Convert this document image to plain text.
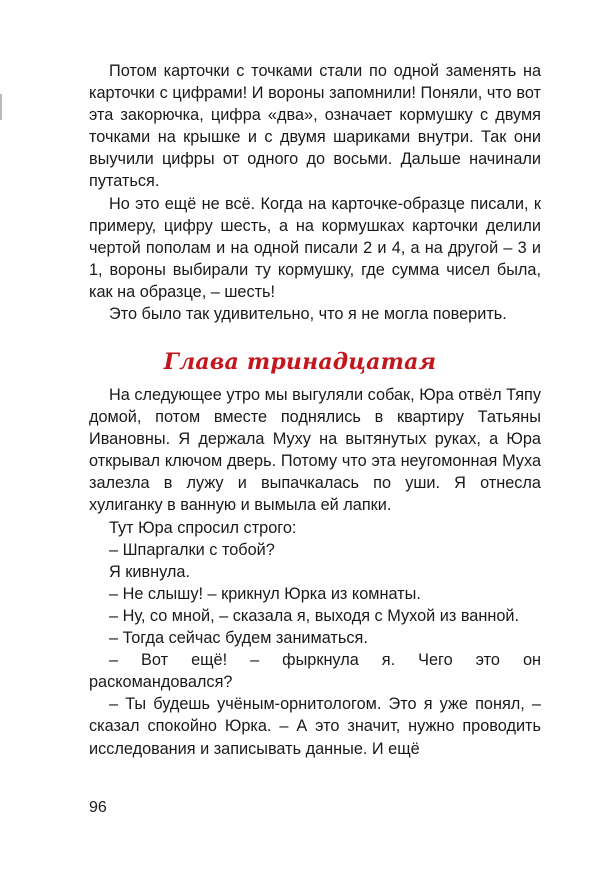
Потом карточки с точками стали по одной заменять на карточки с цифрами! И вороны запомнили! Поняли, что вот эта закорючка, цифра «два», означает кормушку с двумя точками на крышке и с двумя шариками внутри. Так они выучили цифры от одного до восьми. Дальше начинали путаться.

Но это ещё не всё. Когда на карточке-образце писали, к примеру, цифру шесть, а на кормушках карточки делили чертой пополам и на одной писали 2 и 4, а на другой – 3 и 1, вороны выбирали ту кормушку, где сумма чисел была, как на образце, – шесть!

Это было так удивительно, что я не могла поверить.

Глава тринадцатая

На следующее утро мы выгуляли собак, Юра отвёл Тяпу домой, потом вместе поднялись в квартиру Татьяны Ивановны. Я держала Муху на вытянутых руках, а Юра открывал ключом дверь. Потому что эта неугомонная Муха залезла в лужу и выпачкалась по уши. Я отнесла хулиганку в ванную и вымыла ей лапки.

Тут Юра спросил строго:

– Шпаргалки с тобой?

Я кивнула.

– Не слышу! – крикнул Юрка из комнаты.

– Ну, со мной, – сказала я, выходя с Мухой из ванной.

– Тогда сейчас будем заниматься.

– Вот ещё! – фыркнула я. Чего это он раскомандовался?

– Ты будешь учёным-орнитологом. Это я уже понял, – сказал спокойно Юрка. – А это значит, нужно проводить исследования и записывать данные. И ещё

96
